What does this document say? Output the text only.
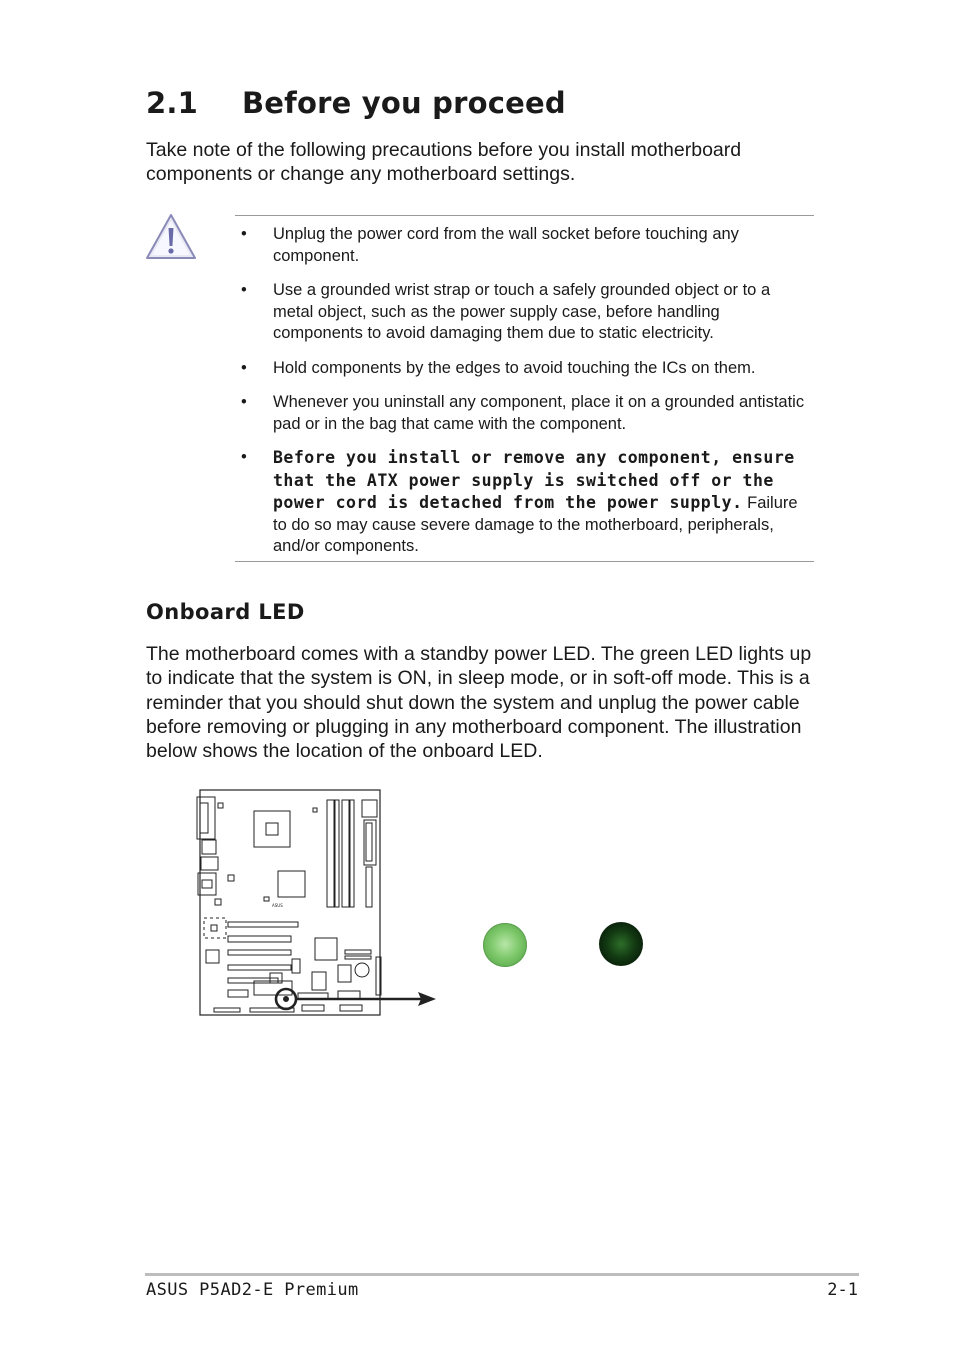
2.1 Before you proceed

Take note of the following precautions before you install motherboard components or change any motherboard settings.

• Unplug the power cord from the wall socket before touching any component.
• Use a grounded wrist strap or touch a safely grounded object or to a metal object, such as the power supply case, before handling components to avoid damaging them due to static electricity.
• Hold components by the edges to avoid touching the ICs on them.
• Whenever you uninstall any component, place it on a grounded antistatic pad or in the bag that came with the component.
• Before you install or remove any component, ensure that the ATX power supply is switched off or the power cord is detached from the power supply. Failure to do so may cause severe damage to the motherboard, peripherals, and/or components.
Onboard LED

The motherboard comes with a standby power LED. The green LED lights up to indicate that the system is ON, in sleep mode, or in soft-off mode. This is a reminder that you should shut down the system and unplug the power cable before removing or plugging in any motherboard component. The illustration below shows the location of the onboard LED.

ASUS
ASUS P5AD2-E Premium	2-1
